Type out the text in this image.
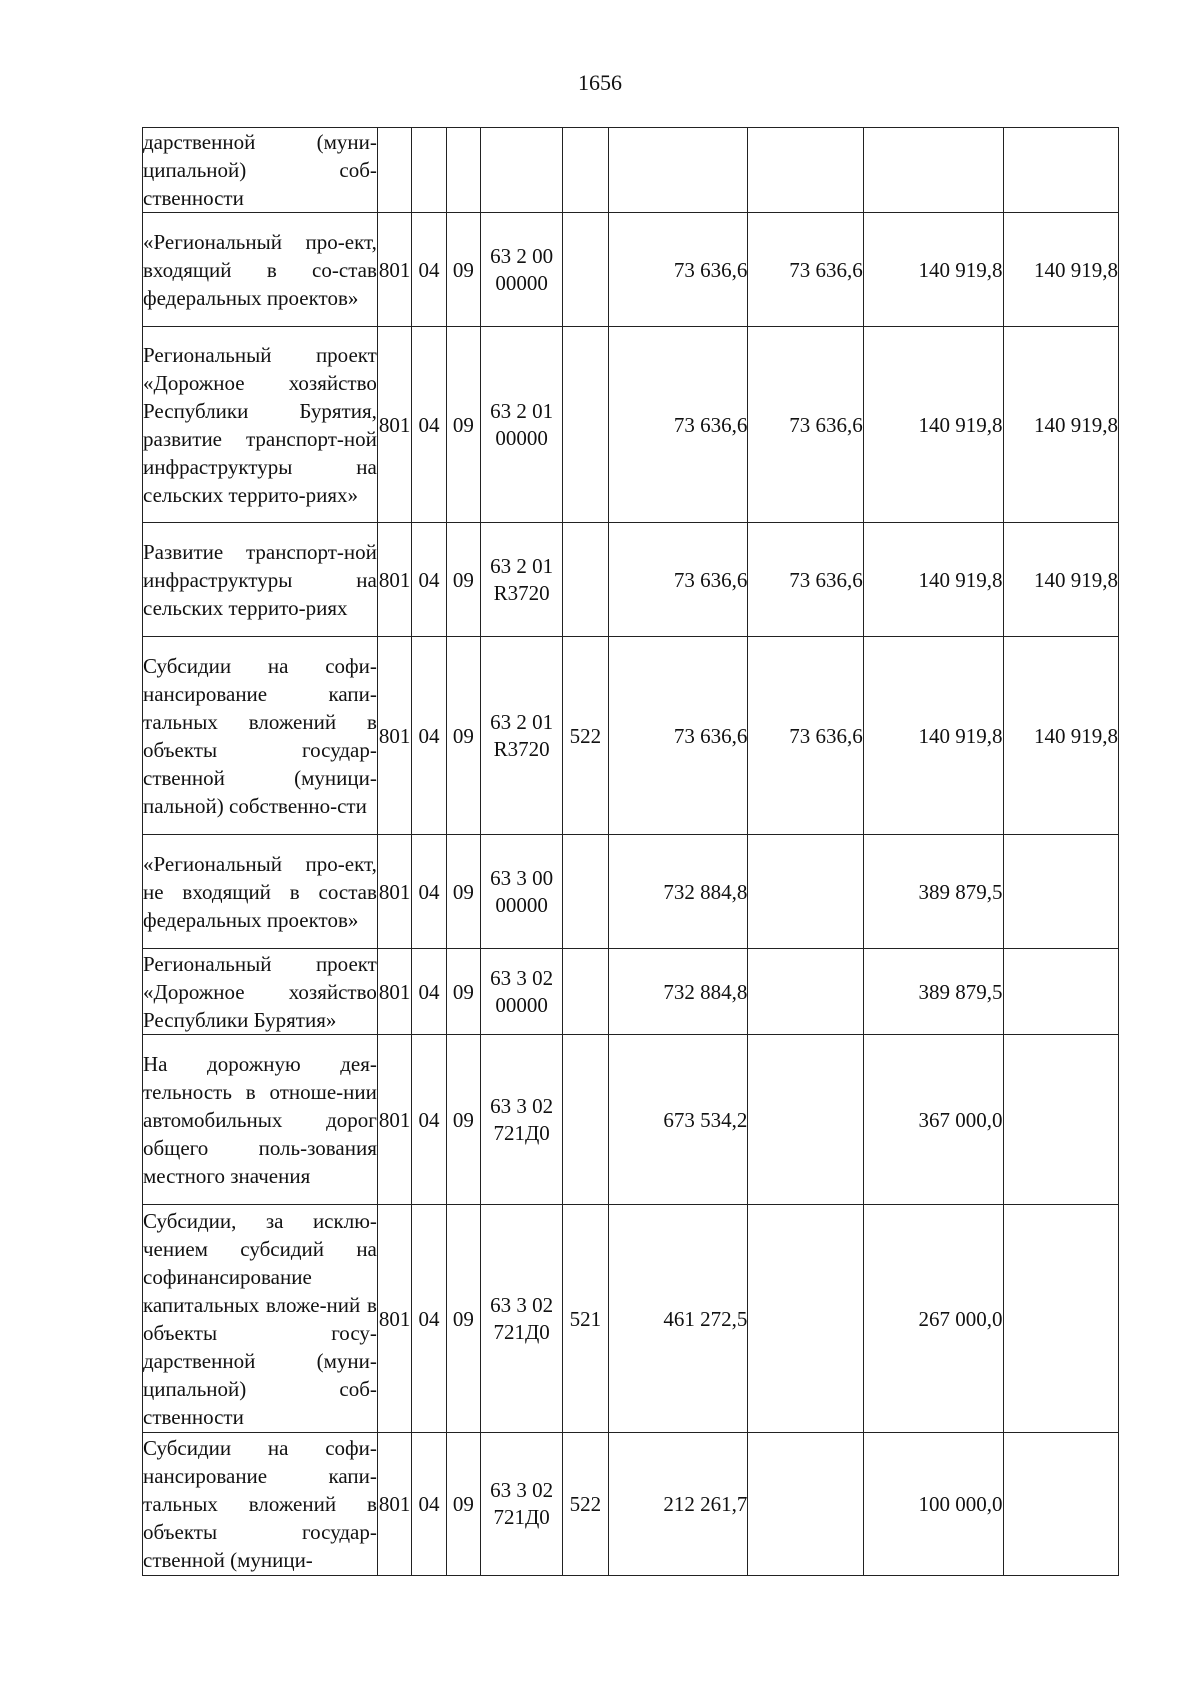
1656
дарственной (муни-ципальной) соб-ственности									
«Региональный про-ект, входящий в со-став федеральных проектов»	801	04	09	63 2 00 00000		73 636,6	73 636,6	140 919,8	140 919,8
Региональный проект «Дорожное хозяйство Республики Бурятия, развитие транспорт-ной инфраструктуры на сельских террито-риях»	801	04	09	63 2 01 00000		73 636,6	73 636,6	140 919,8	140 919,8
Развитие транспорт-ной инфраструктуры на сельских террито-риях	801	04	09	63 2 01 R3720		73 636,6	73 636,6	140 919,8	140 919,8
Субсидии на софи-нансирование капи-тальных вложений в объекты государ-ственной (муници-пальной) собственно-сти	801	04	09	63 2 01 R3720	522	73 636,6	73 636,6	140 919,8	140 919,8
«Региональный про-ект, не входящий в состав федеральных проектов»	801	04	09	63 3 00 00000		732 884,8		389 879,5	
Региональный проект «Дорожное хозяйство Республики Бурятия»	801	04	09	63 3 02 00000		732 884,8		389 879,5	
На дорожную дея-тельность в отноше-нии автомобильных дорог общего поль-зования местного значения	801	04	09	63 3 02 721Д0		673 534,2		367 000,0	
Субсидии, за исклю-чением субсидий на софинансирование капитальных вложе-ний в объекты госу-дарственной (муни-ципальной) соб-ственности	801	04	09	63 3 02 721Д0	521	461 272,5		267 000,0	
Субсидии на софи-нансирование капи-тальных вложений в объекты государ-ственной (муници-	801	04	09	63 3 02 721Д0	522	212 261,7		100 000,0	
